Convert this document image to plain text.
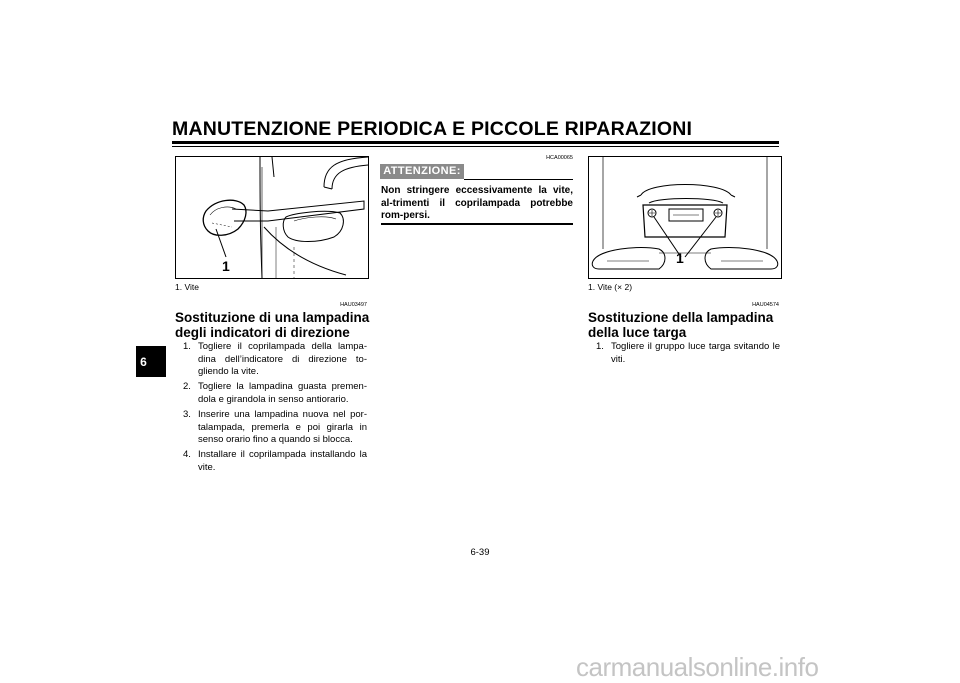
MANUTENZIONE PERIODICA E PICCOLE RIPARAZIONI
6
1
1. Vite
HAU03497
Sostituzione di una lampadina degli indicatori di direzione
1. Togliere il coprilampada della lampa-dina dell’indicatore di direzione to-gliendo la vite.
2. Togliere la lampadina guasta premen-dola e girandola in senso antiorario.
3. Inserire una lampadina nuova nel por-talampada, premerla e poi girarla in senso orario fino a quando si blocca.
4. Installare il coprilampada installando la vite.
HCA00065
ATTENZIONE:
Non stringere eccessivamente la vite, al-trimenti il coprilampada potrebbe rom-persi.
1
1. Vite (× 2)
HAU04574
Sostituzione della lampadina della luce targa
1. Togliere il gruppo luce targa svitando le viti.
6-39
carmanualsonline.info
